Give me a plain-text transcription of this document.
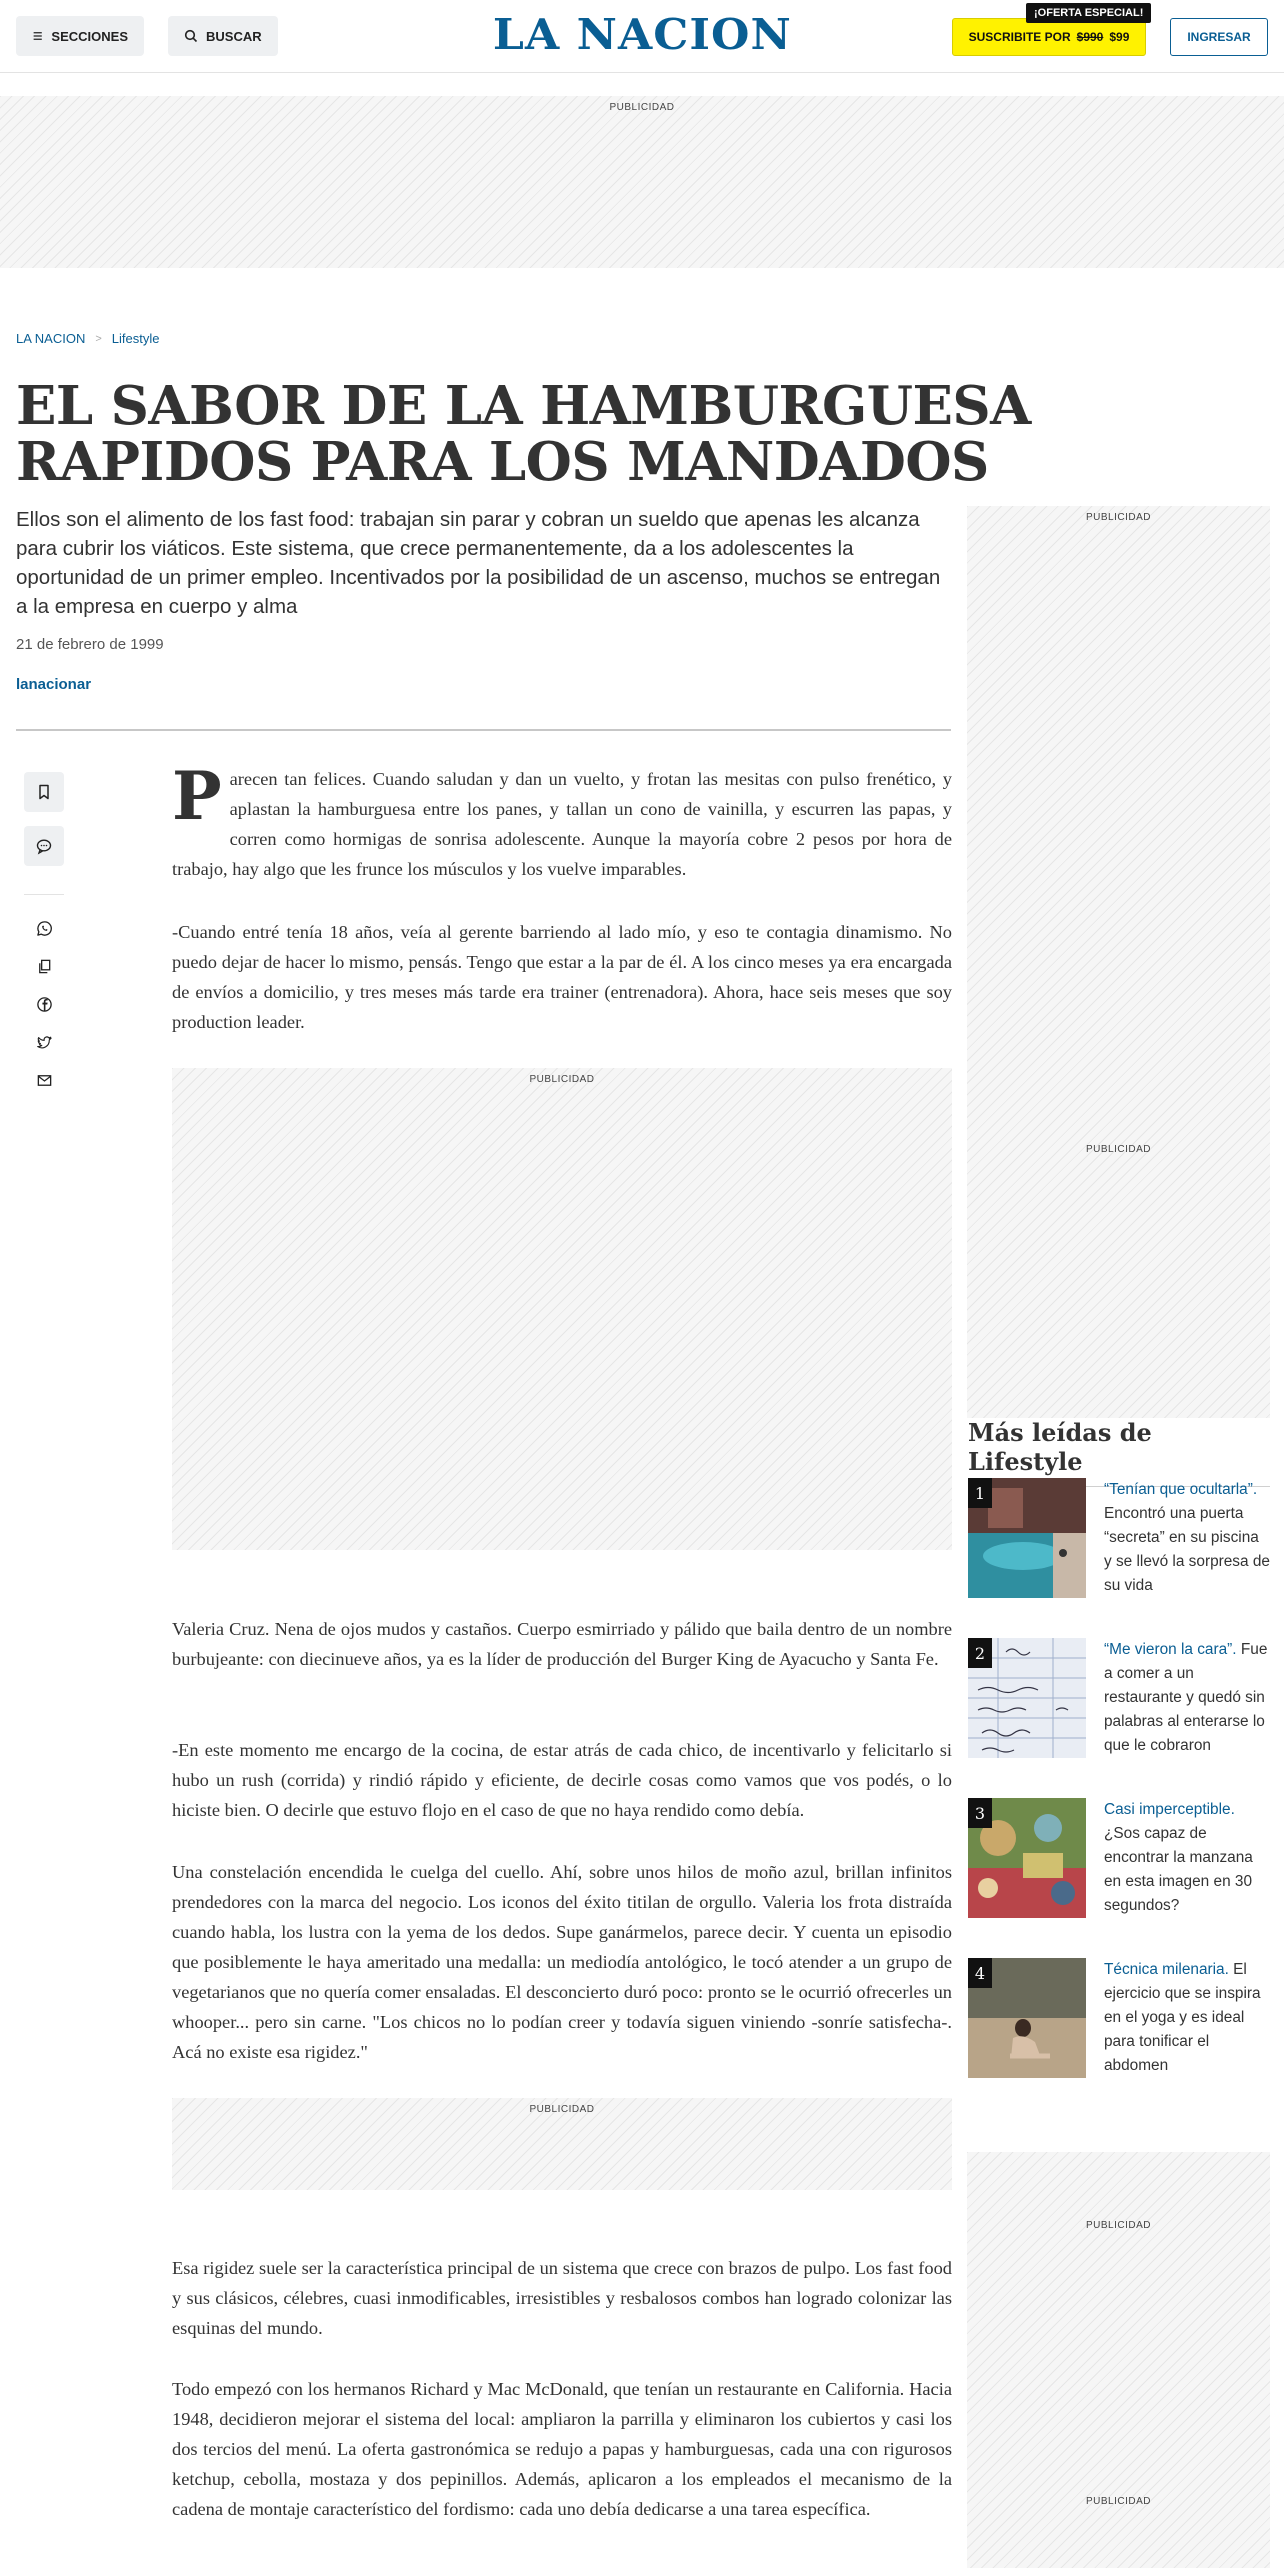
SECCIONES	BUSCAR	LA NACION	SUSCRIBITE POR $990 $99
¡OFERTA ESPECIAL!
INGRESAR
PUBLICIDAD
LA NACION > Lifestyle
EL SABOR DE LA HAMBURGUESA RAPIDOS PARA LOS MANDADOS

Ellos son el alimento de los fast food: trabajan sin parar y cobran un sueldo que apenas les alcanza para cubrir los viáticos. Este sistema, que crece permanentemente, da a los adolescentes la oportunidad de un primer empleo. Incentivados por la posibilidad de un ascenso, muchos se entregan a la empresa en cuerpo y alma

21 de febrero de 1999
lanacionar
PUBLICIDAD
PUBLICIDAD
Parecen tan felices. Cuando saludan y dan un vuelto, y frotan las mesitas con pulso frenético, y aplastan la hamburguesa entre los panes, y tallan un cono de vainilla, y escurren las papas, y corren como hormigas de sonrisa adolescente. Aunque la mayoría cobre 2 pesos por hora de trabajo, hay algo que les frunce los músculos y los vuelve imparables.

-Cuando entré tenía 18 años, veía al gerente barriendo al lado mío, y eso te contagia dinamismo. No puedo dejar de hacer lo mismo, pensás. Tengo que estar a la par de él. A los cinco meses ya era encargada de envíos a domicilio, y tres meses más tarde era trainer (entrenadora). Ahora, hace seis meses que soy production leader.

PUBLICIDAD

Valeria Cruz. Nena de ojos mudos y castaños. Cuerpo esmirriado y pálido que baila dentro de un nombre burbujeante: con diecinueve años, ya es la líder de producción del Burger King de Ayacucho y Santa Fe.

-En este momento me encargo de la cocina, de estar atrás de cada chico, de incentivarlo y felicitarlo si hubo un rush (corrida) y rindió rápido y eficiente, de decirle cosas como vamos que vos podés, o lo hiciste bien. O decirle que estuvo flojo en el caso de que no haya rendido como debía.

Una constelación encendida le cuelga del cuello. Ahí, sobre unos hilos de moño azul, brillan infinitos prendedores con la marca del negocio. Los iconos del éxito titilan de orgullo. Valeria los frota distraída cuando habla, los lustra con la yema de los dedos. Supe ganármelos, parece decir. Y cuenta un episodio que posiblemente le haya ameritado una medalla: un mediodía antológico, le tocó atender a un grupo de vegetarianos que no quería comer ensaladas. El desconcierto duró poco: pronto se le ocurrió ofrecerles un whooper... pero sin carne. "Los chicos no lo podían creer y todavía siguen viniendo -sonríe satisfecha-. Acá no existe esa rigidez."

PUBLICIDAD

Esa rigidez suele ser la característica principal de un sistema que crece con brazos de pulpo. Los fast food y sus clásicos, célebres, cuasi inmodificables, irresistibles y resbalosos combos han logrado colonizar las esquinas del mundo.

Todo empezó con los hermanos Richard y Mac McDonald, que tenían un restaurante en California. Hacia 1948, decidieron mejorar el sistema del local: ampliaron la parrilla y eliminaron los cubiertos y casi los dos tercios del menú. La oferta gastronómica se redujo a papas y hamburguesas, cada una con rigurosos ketchup, cebolla, mostaza y dos pepinillos. Además, aplicaron a los empleados el mecanismo de la cadena de montaje característico del fordismo: cada uno debía dedicarse a una tarea específica.

Más leídas de Lifestyle
1	“Tenían que ocultarla”. Encontró una puerta “secreta” en su piscina y se llevó la sorpresa de su vida
2	“Me vieron la cara”. Fue a comer a un restaurante y quedó sin palabras al enterarse lo que le cobraron
3	Casi imperceptible. ¿Sos capaz de encontrar la manzana en esta imagen en 30 segundos?
4	Técnica milenaria. El ejercicio que se inspira en el yoga y es ideal para tonificar el abdomen
PUBLICIDAD
PUBLICIDAD
